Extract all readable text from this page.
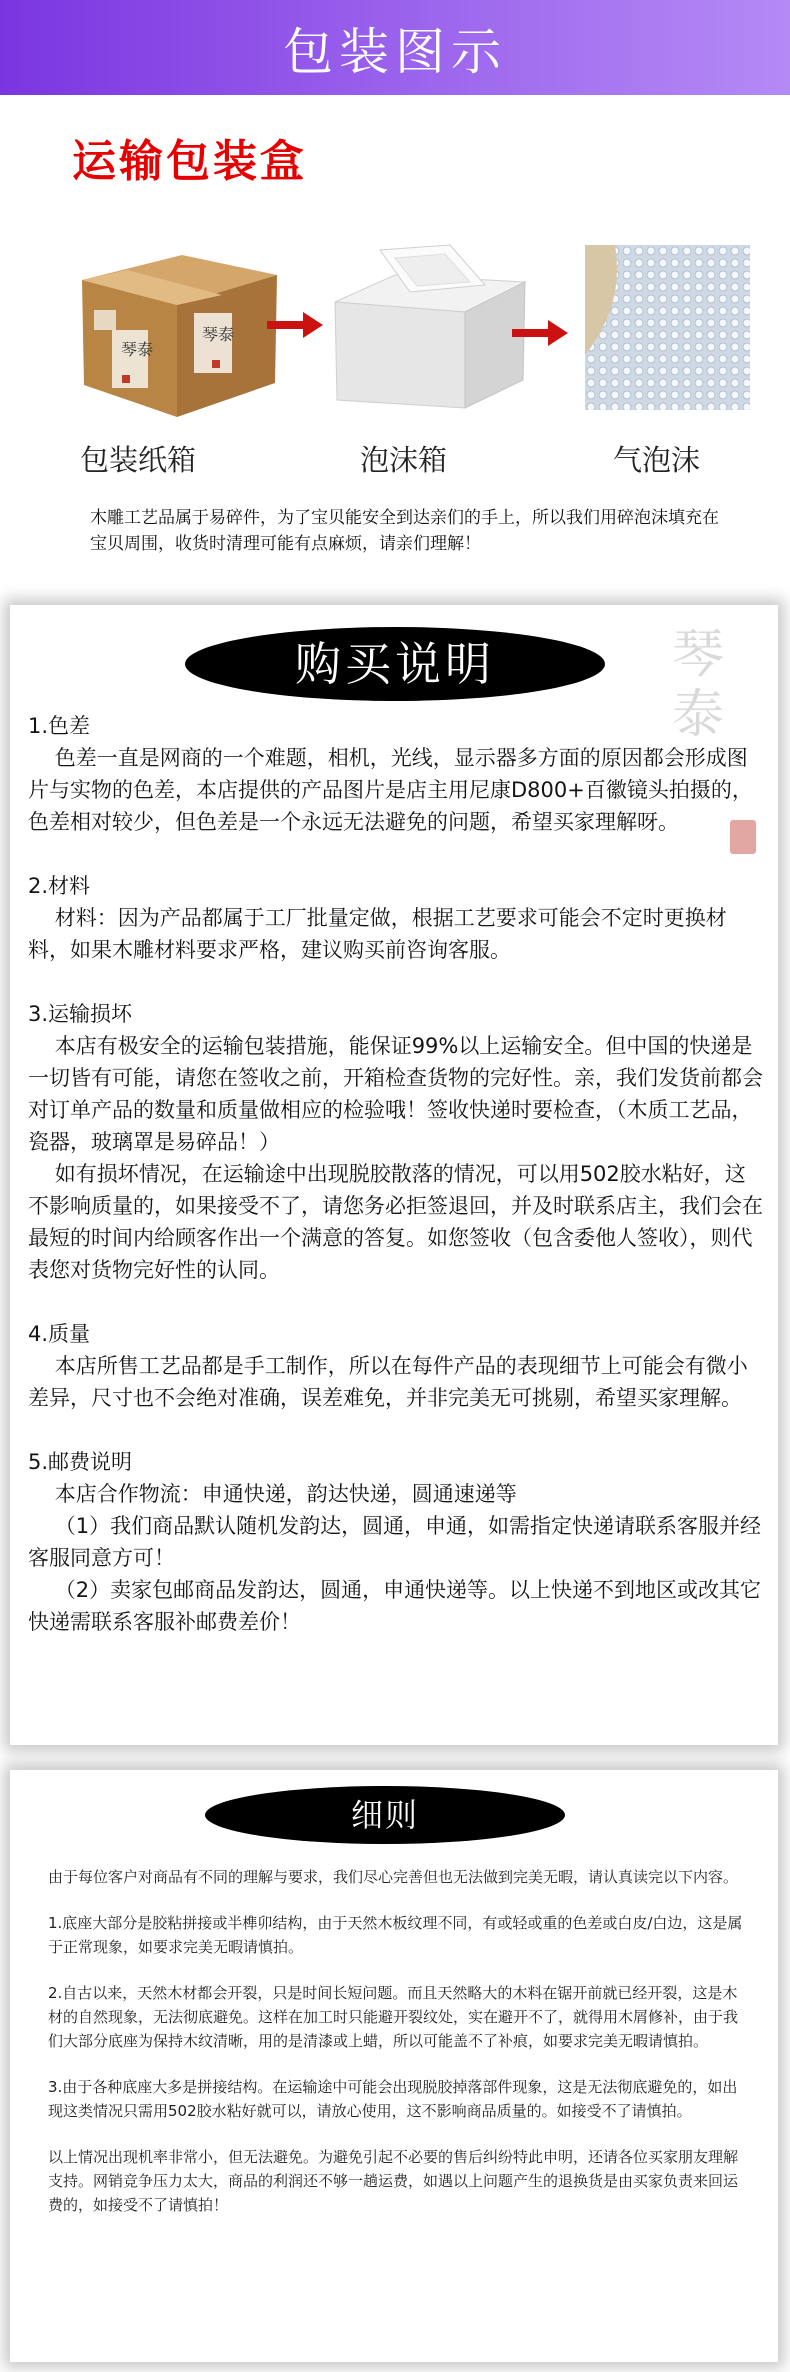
包装图示
运输包装盒
琴泰
琴泰
包装纸箱	泡沫箱	气泡沫
木雕工艺品属于易碎件，为了宝贝能安全到达亲们的手上，所以我们用碎泡沫填充在宝贝周围，收货时清理可能有点麻烦，请亲们理解！
购买说明	琴泰

1.色差

色差一直是网商的一个难题，相机，光线，显示器多方面的原因都会形成图片与实物的色差，本店提供的产品图片是店主用尼康D800+百徽镜头拍摄的，色差相对较少，但色差是一个永远无法避免的问题，希望买家理解呀。

2.材料

材料：因为产品都属于工厂批量定做，根据工艺要求可能会不定时更换材料，如果木雕材料要求严格，建议购买前咨询客服。

3.运输损坏

本店有极安全的运输包装措施，能保证99%以上运输安全。但中国的快递是一切皆有可能，请您在签收之前，开箱检查货物的完好性。亲，我们发货前都会对订单产品的数量和质量做相应的检验哦！签收快递时要检查，（木质工艺品，瓷器，玻璃罩是易碎品！）

如有损坏情况，在运输途中出现脱胶散落的情况，可以用502胶水粘好，这不影响质量的，如果接受不了，请您务必拒签退回，并及时联系店主，我们会在最短的时间内给顾客作出一个满意的答复。如您签收（包含委他人签收），则代表您对货物完好性的认同。

4.质量

本店所售工艺品都是手工制作，所以在每件产品的表现细节上可能会有微小差异，尺寸也不会绝对准确，误差难免，并非完美无可挑剔，希望买家理解。

5.邮费说明

本店合作物流：申通快递，韵达快递，圆通速递等

（1）我们商品默认随机发韵达，圆通，申通，如需指定快递请联系客服并经客服同意方可！

（2）卖家包邮商品发韵达，圆通，申通快递等。以上快递不到地区或改其它快递需联系客服补邮费差价！

细则

由于每位客户对商品有不同的理解与要求，我们尽心完善但也无法做到完美无暇，请认真读完以下内容。

1.底座大部分是胶粘拼接或半榫卯结构，由于天然木板纹理不同，有或轻或重的色差或白皮/白边，这是属于正常现象，如要求完美无暇请慎拍。

2.自古以来，天然木材都会开裂，只是时间长短问题。而且天然略大的木料在锯开前就已经开裂，这是木材的自然现象，无法彻底避免。这样在加工时只能避开裂纹处，实在避开不了，就得用木屑修补，由于我们大部分底座为保持木纹清晰，用的是清漆或上蜡，所以可能盖不了补痕，如要求完美无暇请慎拍。

3.由于各种底座大多是拼接结构。在运输途中可能会出现脱胶掉落部件现象，这是无法彻底避免的，如出现这类情况只需用502胶水粘好就可以，请放心使用，这不影响商品质量的。如接受不了请慎拍。

以上情况出现机率非常小，但无法避免。为避免引起不必要的售后纠纷特此申明，还请各位买家朋友理解支持。网销竞争压力太大，商品的利润还不够一趟运费，如遇以上问题产生的退换货是由买家负责来回运费的，如接受不了请慎拍！
